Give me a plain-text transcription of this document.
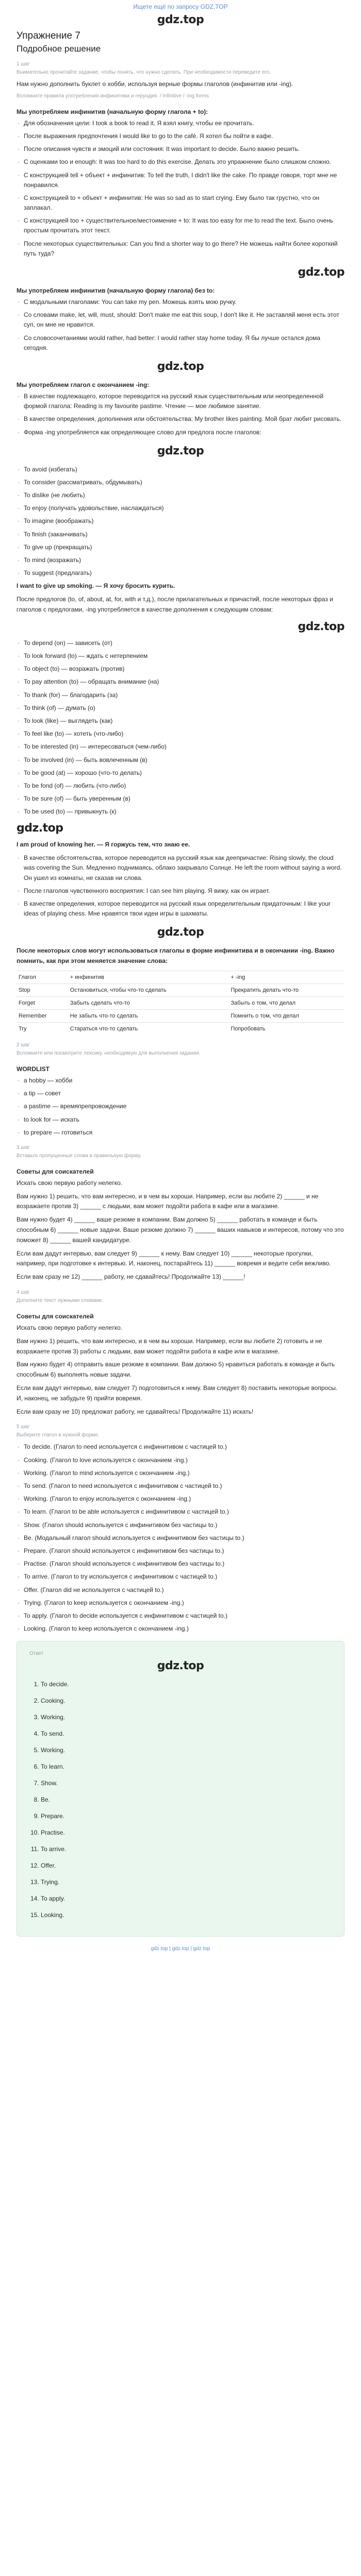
Ищете ещё по запросу GDZ.TOP
gdz.top
Упражнение 7
Подробное решение
1 шаг
Внимательно прочитайте задание, чтобы понять, что нужно сделать. При необходимости переведите его.

Нам нужно дополнить буклет о хобби, используя верные формы глаголов (инфинитив или -ing).

Вспомните правила употребления инфинитива и герундия. / Infinitive / -ing forms
Мы употребляем инфинитив (начальную форму глагола + to):
· Для обозначения цели: I took a book to read it. Я взял книгу, чтобы ее прочитать.
· После выражения предпочтения I would like to go to the café. Я хотел бы пойти в кафе.
· После описания чувств и эмоций или состояния: It was important to decide. Было важно решить.
· С оценками too и enough: It was too hard to do this exercise. Делать это упражнение было слишком сложно.
· С конструкцией tell + объект + инфинитив: To tell the truth, I didn't like the cake. По правде говоря, торт мне не понравился.
· С конструкцией to + объект + инфинитив: He was so sad as to start crying. Ему было так грустно, что он заплакал.
· С конструкцией too + существительное/местоимение + to: It was too easy for me to read the text. Было очень простым прочитать этот текст.
· После некоторых существительных: Can you find a shorter way to go there? Не можешь найти более короткий путь туда?
gdz.top
Мы употребляем инфинитив (начальную форму глагола) без to:
· С модальными глаголами: You can take my pen. Можешь взять мою ручку.
· Со словами make, let, will, must, should: Don't make me eat this soup, I don't like it. Не заставляй меня есть этот суп, он мне не нравится.
· Со словосочетаниями would rather, had better: I would rather stay home today. Я бы лучше остался дома сегодня.
gdz.top
Мы употребляем глагол с окончанием -ing:
· В качестве подлежащего, которое переводится на русский язык существительным или неопределенной формой глагола: Reading is my favourite pastime. Чтение — мое любимое занятие.
· В качестве определения, дополнения или обстоятельства: My brother likes painting. Мой брат любит рисовать.
· Форма -ing употребляется как определяющее слово для предлога после глаголов:
gdz.top
· To avoid (избегать)
· To consider (рассматривать, обдумывать)
· To dislike (не любить)
· To enjoy (получать удовольствие, наслаждаться)
· To imagine (воображать)
· To finish (заканчивать)
· To give up (прекращать)
· To mind (возражать)
· To suggest (предлагать)

I want to give up smoking. — Я хочу бросить курить.

После предлогов (to, of, about, at, for, with и т.д.), после прилагательных и причастий, после некоторых фраз и глаголов с предлогами, -ing употребляется в качестве дополнения к следующим словам:

gdz.top
· To depend (on) — зависеть (от)
· To look forward (to) — ждать с нетерпением
· To object (to) — возражать (против)
· To pay attention (to) — обращать внимание (на)
· To thank (for) — благодарить (за)
· To think (of) — думать (о)
· To look (like) — выглядеть (как)
· To feel like (to) — хотеть (что-либо)
· To be interested (in) — интересоваться (чем-либо)
· To be involved (in) — быть вовлеченным (в)
· To be good (at) — хорошо (что-то делать)
· To be fond (of) — любить (что-либо)
· To be sure (of) — быть уверенным (в)
· To be used (to) — привыкнуть (к)
gdz.top

I am proud of knowing her. — Я горжусь тем, что знаю ее.

· В качестве обстоятельства, которое переводится на русский язык как деепричастие: Rising slowly, the cloud was covering the Sun. Медленно поднимаясь, облако закрывало Солнце. He left the room without saying a word. Он ушел из комнаты, не сказав ни слова.
· После глаголов чувственного восприятия: I can see him playing. Я вижу, как он играет.
· В качестве определения, которое переводится на русский язык определительным придаточным: I like your ideas of playing chess. Мне нравятся твои идеи игры в шахматы.
gdz.top

После некоторых слов могут использоваться глаголы в форме инфинитива и в окончании -ing. Важно помнить, как при этом меняется значение слова:

Глагол	+ инфинитив	+ -ing
Stop	Остановиться, чтобы что-то сделать	Прекратить делать что-то
Forget	Забыть сделать что-то	Забыть о том, что делал
Remember	Не забыть что-то сделать	Помнить о том, что делал
Try	Стараться что-то сделать	Попробовать
2 шаг
Вспомните или посмотрите лексику, необходимую для выполнения задания.
WORDLIST
· a hobby — хобби
· a tip — совет
· a pastime — времяпрепровождение
· to look for — искать
· to prepare — готовиться
3 шаг
Вставьте пропущенные слова в правильную форму.
Советы для соискателей

Искать свою первую работу нелегко.

Вам нужно 1) решить, что вам интересно, и в чем вы хороши. Например, если вы любите 2) ______ и не возражаете против 3) ______ с людьми, вам может подойти работа в кафе или в магазине.

Вам нужно будет 4) ______ ваше резюме в компании. Вам должно 5) ______ работать в команде и быть способным 6) ______ новые задачи. Ваше резюме должно 7) ______ ваших навыков и интересов, потому что это поможет 8) ______ вашей кандидатуре.

Если вам дадут интервью, вам следует 9) ______ к нему. Вам следует 10) ______ некоторые прогулки, например, при подготовке к интервью. И, наконец, постарайтесь 11) ______ вовремя и ведите себя вежливо.

Если вам сразу не 12) ______ работу, не сдавайтесь! Продолжайте 13) ______!

4 шаг
Дополните текст нужными словами.
Советы для соискателей

Искать свою первую работу нелегко.

Вам нужно 1) решить, что вам интересно, и в чем вы хороши. Например, если вы любите 2) готовить и не возражаете против 3) работы с людьми, вам может подойти работа в кафе или в магазине.

Вам нужно будет 4) отправить ваше резюме в компании. Вам должно 5) нравиться работать в команде и быть способным 6) выполнять новые задачи.

Если вам дадут интервью, вам следует 7) подготовиться к нему. Вам следует 8) поставить некоторые вопросы. И, наконец, не забудьте 9) прийти вовремя.

Если вам сразу не 10) предложат работу, не сдавайтесь! Продолжайте 11) искать!

5 шаг
Выберите глагол в нужной форме.
· To decide. (Глагол to need используется с инфинитивом с частицей to.)
· Cooking. (Глагол to love используется с окончанием -ing.)
· Working. (Глагол to mind используется с окончанием -ing.)
· To send. (Глагол to need используется с инфинитивом с частицей to.)
· Working. (Глагол to enjoy используется с окончанием -ing.)
· To learn. (Глагол to be able используется с инфинитивом с частицей to.)
· Show. (Глагол should используется с инфинитивом без частицы to.)
· Be. (Модальный глагол should используется с инфинитивом без частицы to.)
· Prepare. (Глагол should используется с инфинитивом без частицы to.)
· Practise. (Глагол should используется с инфинитивом без частицы to.)
· To arrive. (Глагол to try используется с инфинитивом с частицей to.)
· Offer. (Глагол did не используется с частицей to.)
· Trying. (Глагол to keep используется с окончанием -ing.)
· To apply. (Глагол to decide используется с инфинитивом с частицей to.)
· Looking. (Глагол to keep используется с окончанием -ing.)
Ответ
gdz.top
1. To decide.
2. Cooking.
3. Working.
4. To send.
5. Working.
6. To learn.
7. Show.
8. Be.
9. Prepare.
10. Practise.
11. To arrive.
12. Offer.
13. Trying.
14. To apply.
15. Looking.
gdz.top | gdz.top | gdz.top
